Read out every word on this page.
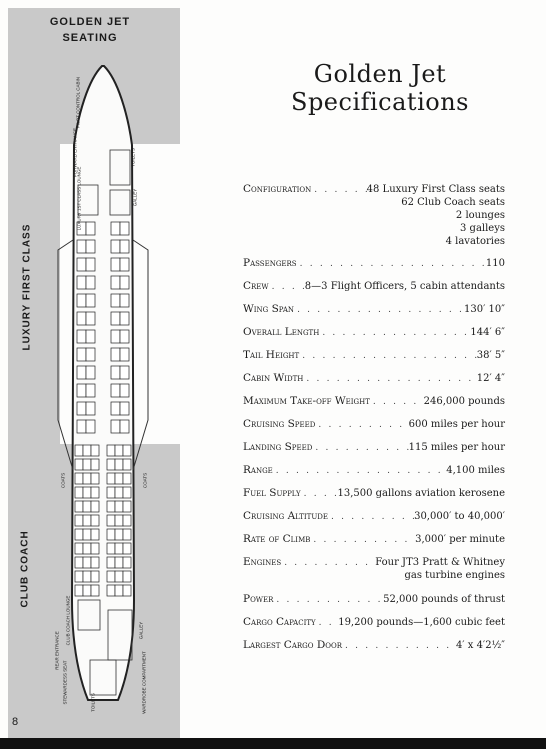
GOLDEN JET
SEATING
LUXURY FIRST CLASS
CLUB COACH
PILOT CONTROL CABIN
FORWARD ENTRANCE	TOILETS
GALLEY
LUXURY 1ST CLASS LOUNGE
COATS	COATS
CLUB COACH LOUNGE
REAR ENTRANCE
STEWARDESS SEAT	TOILETS
GALLEY
WARDROBE COMPARTMENT
8
Golden Jet
Specifications
Configuration . . .	48 Luxury First Class seats
62 Club Coach seats
2 lounges
3 galleys
4 lavatories
Passengers . . .	110
Crew . . .	8—3 Flight Officers, 5 cabin attendants
Wing Span . . .	130′ 10″
Overall Length . . .	144′ 6″
Tail Height . . .	38′ 5″
Cabin Width . . .	12′ 4″
Maximum Take-off Weight . . .	246,000 pounds
Cruising Speed . . .	600 miles per hour
Landing Speed . . .	115 miles per hour
Range . . .	4,100 miles
Fuel Supply . . .	13,500 gallons aviation kerosene
Cruising Altitude . . .	30,000′ to 40,000′
Rate of Climb . . .	3,000′ per minute
Engines . . .	Four JT3 Pratt & Whitney
gas turbine engines
Power . . .	52,000 pounds of thrust
Cargo Capacity . . . 19,200 pounds—1,600 cubic feet
Largest Cargo Door . . .	4′ x 4′2½″
